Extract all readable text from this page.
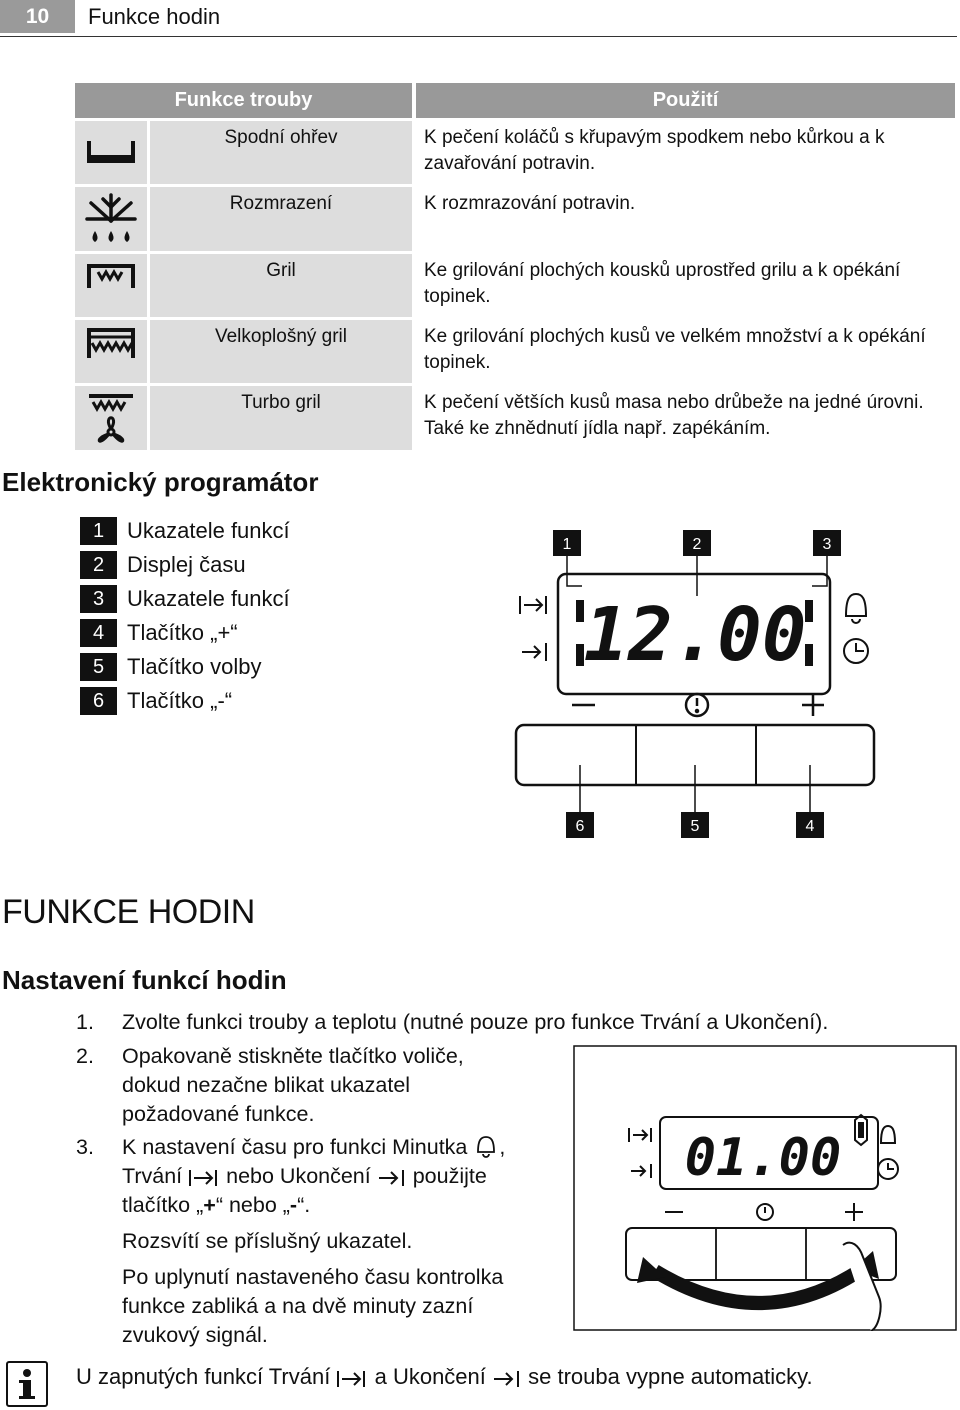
10	Funkce hodin
Funkce trouby			Použití

	Spodní ohřev		K pečení koláčů s křupavým spodkem nebo kůrkou a k zavařování potravin.

	Rozmrazení		K rozmrazování potravin.

	Gril		Ke grilování plochých kousků uprostřed grilu a k opékání topinek.

	Velkoplošný gril		Ke grilování plochých kusů ve velkém množství a k opékání topinek.

	Turbo gril		K pečení větších kusů masa nebo drůbeže na jedné úrovni. Také ke zhnědnutí jídla např. zapékáním.
Elektronický programátor
1	Ukazatele funkcí
2	Displej času
3	Ukazatele funkcí
4	Tlačítko „+“
5	Tlačítko volby
6	Tlačítko „-“
1	2	3
12.00
6	5	4
FUNKCE HODIN
Nastavení funkcí hodin
1. Zvolte funkci trouby a teplotu (nutné pouze pro funkce Trvání a Ukončení).
2. Opakovaně stiskněte tlačítko voliče, dokud nezačne blikat ukazatel požadované funkce.
3. K nastavení času pro funkci Minutka , Trvání nebo Ukončení použijte tlačítko „+“ nebo „-“.
Rozsvítí se příslušný ukazatel.
Po uplynutí nastaveného času kontrolka funkce zabliká a na dvě minuty zazní zvukový signál.
01.00
U zapnutých funkcí Trvání a Ukončení se trouba vypne automaticky.
